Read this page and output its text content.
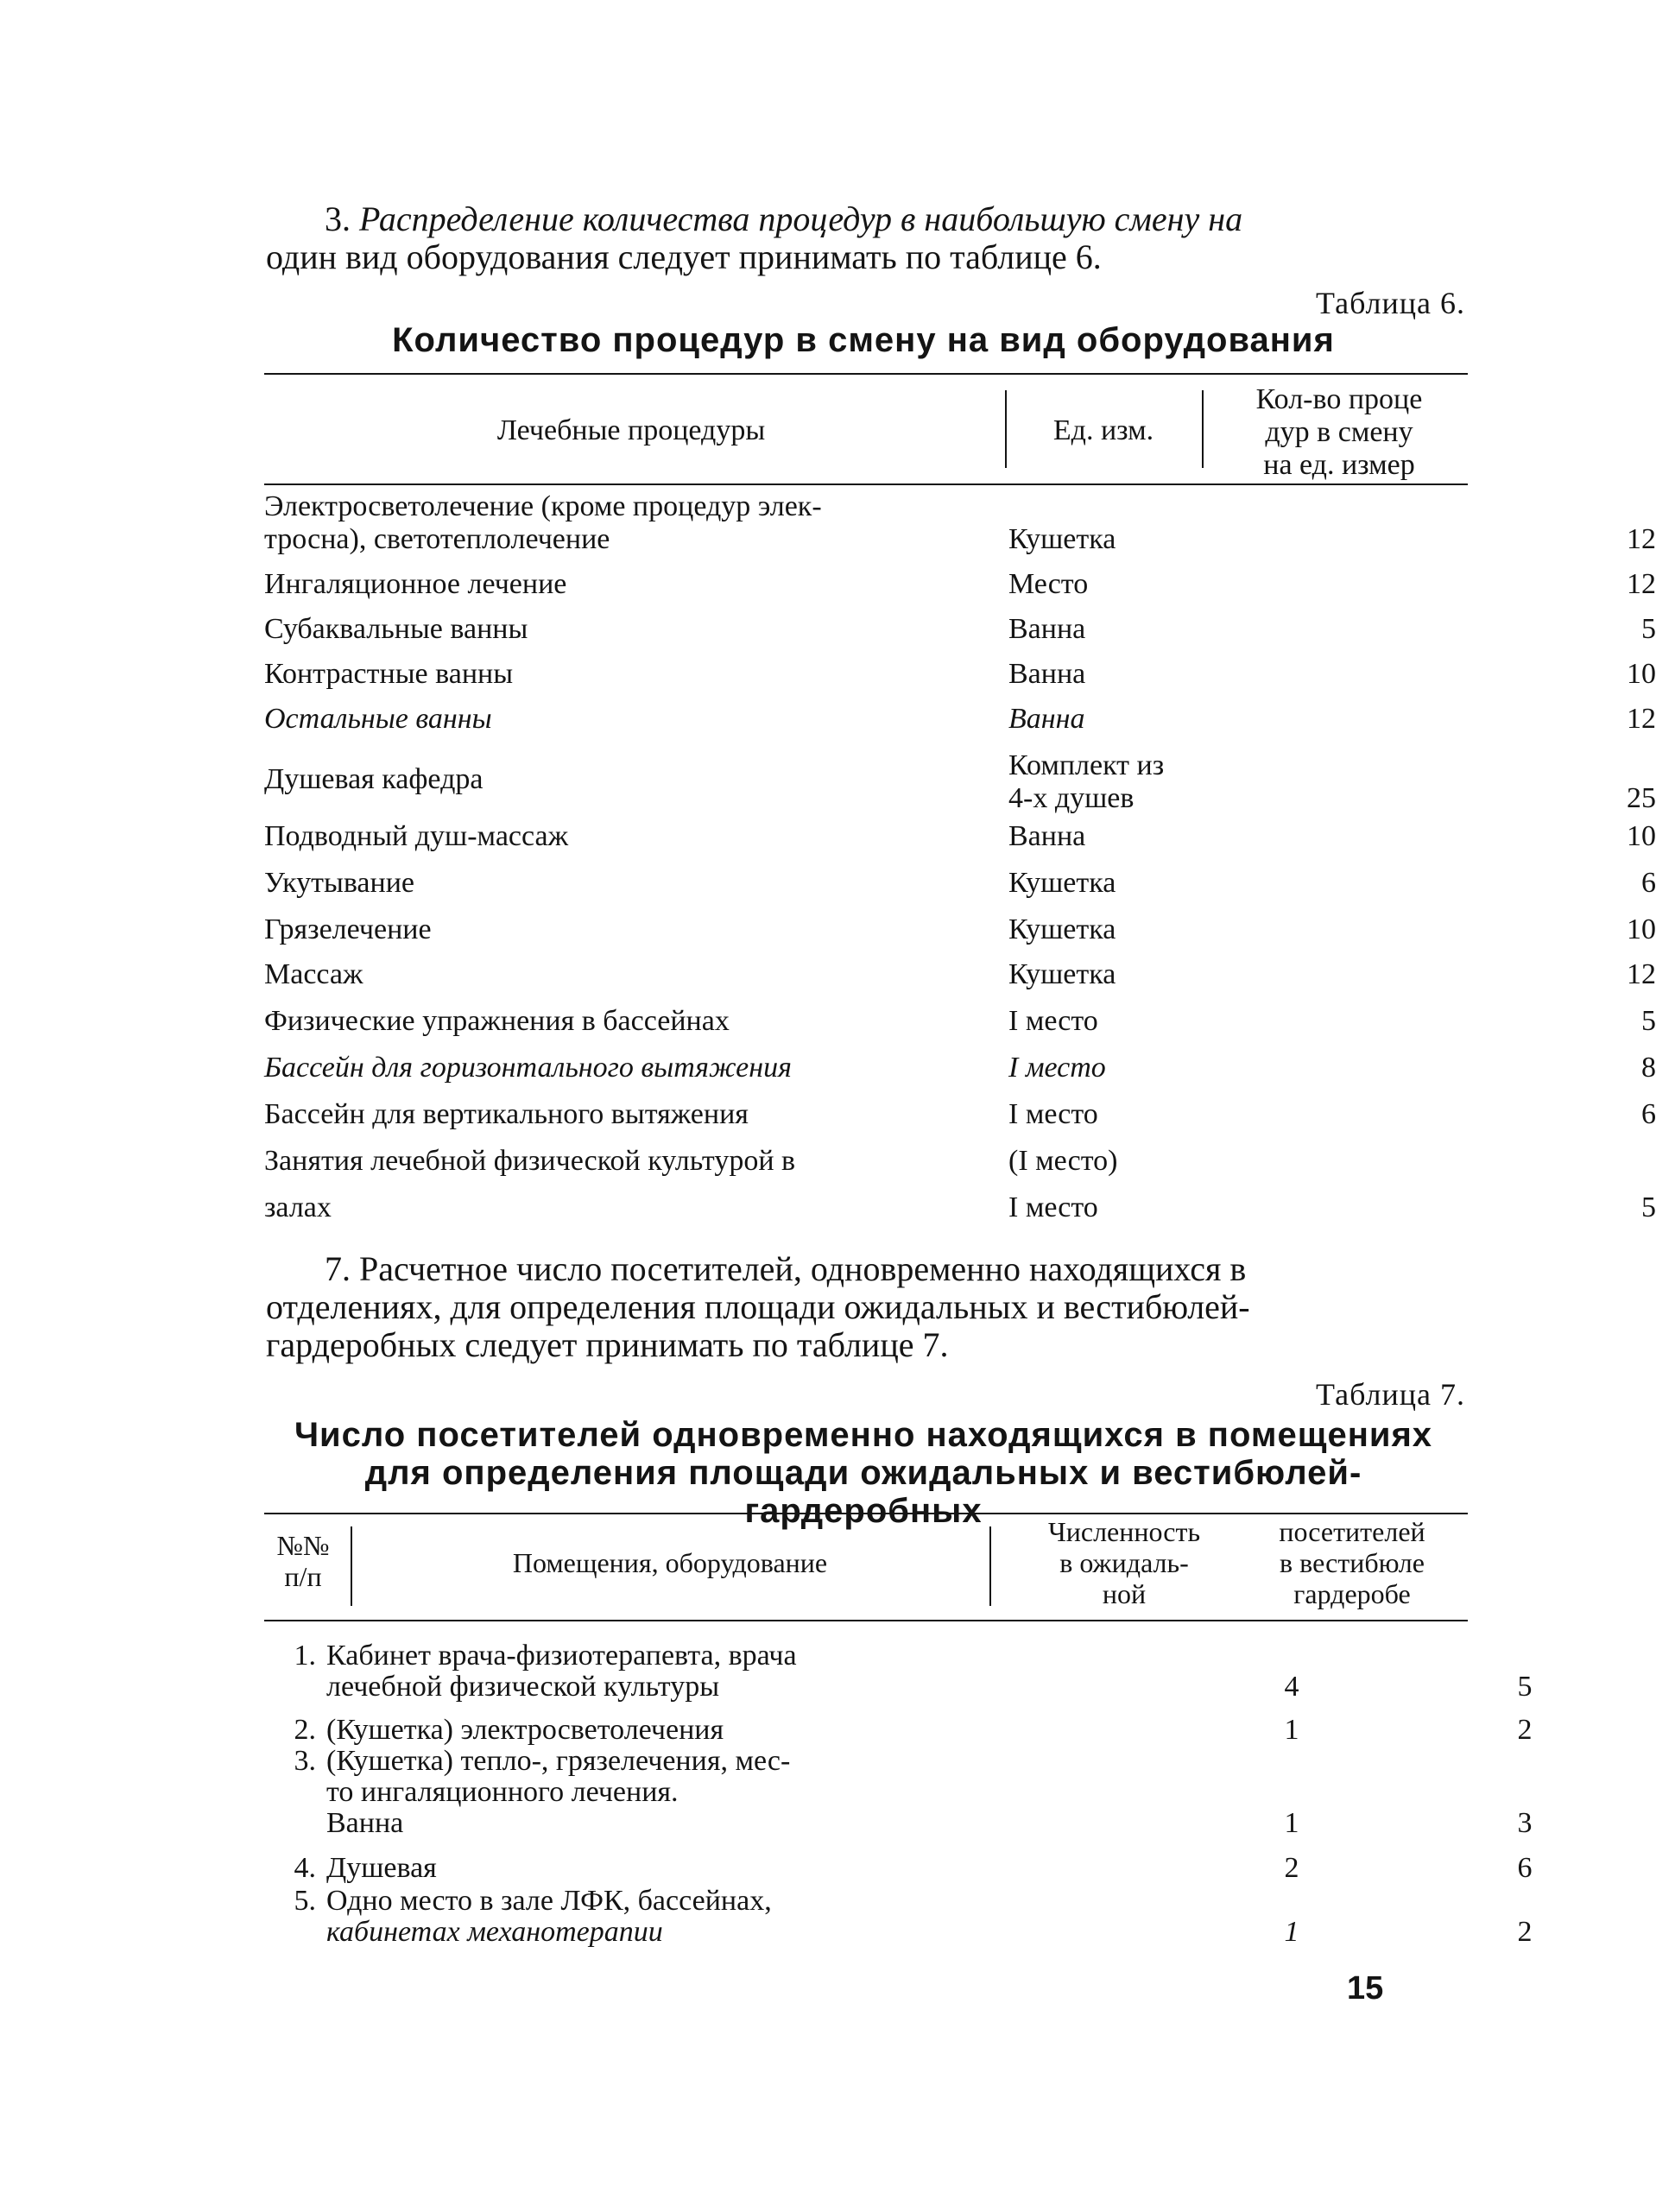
3. Распределение количества процедур в наибольшую смену на

один вид оборудования следует принимать по таблице 6.

Таблица 6.
Количество процедур в смену на вид оборудования
Лечебные процедуры	Ед. изм.
Кол-во проце
дур в смену
на ед. измер
Электросветолечение (кроме процедур элек-
тросна), светотеплолечение	Кушетка	12
Ингаляционное лечение	Место	12
Субаквальные ванны	Ванна	5
Контрастные ванны	Ванна	10
Остальные ванны	Ванна	12
Душевая кафедра	Комплект из
4-х душев	25
Подводный душ-массаж	Ванна	10
Укутывание	Кушетка	6
Грязелечение	Кушетка	10
Массаж	Кушетка	12
Физические упражнения в бассейнах	I место	5
Бассейн для горизонтального вытяжения	I место	8
Бассейн для вертикального вытяжения	I место	6
Занятия лечебной физической культурой в	(I место)
залах	I место	5

7. Расчетное число посетителей, одновременно находящихся в

отделениях, для определения площади ожидальных и вестибюлей-

гардеробных следует принимать по таблице 7.

Таблица 7.
Число посетителей одновременно находящихся в помещениях
для определения площади ожидальных и вестибюлей-гардеробных
№№
п/п	Помещения, оборудование
Численность
в ожидаль-
ной
посетителей
в вестибюле
гардеробе
1. Кабинет врача-физиотерапевта, врача
лечебной физической культуры	4	5
2. (Кушетка) электросветолечения	1	2
3. (Кушетка) тепло-, грязелечения, мес-
то ингаляционного лечения.
Ванна	1	3
4. Душевая	2	6
5. Одно место в зале ЛФК, бассейнах,
кабинетах механотерапии	1	2
15
